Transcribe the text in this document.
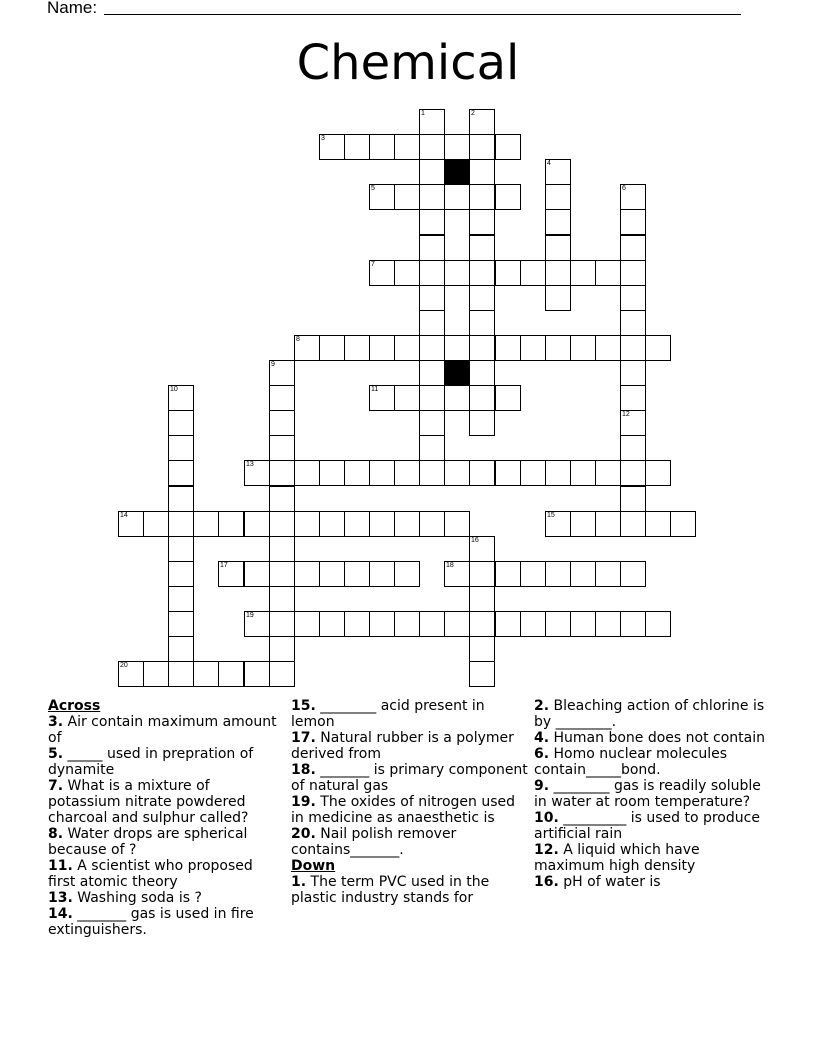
Name:
Chemical
1	2
3
4
5	6
7
8
9
10	11
12
13
14	15
16
17	18
19
20
Across
3. Air contain maximum amount of
5. _____ used in prepration of dynamite
7. What is a mixture of potassium nitrate powdered charcoal and sulphur called?
8. Water drops are spherical because of ?
11. A scientist who proposed first atomic theory
13. Washing soda is ?
14. _______ gas is used in fire extinguishers.
15. ________ acid present in lemon
17. Natural rubber is a polymer derived from
18. _______ is primary component of natural gas
19. The oxides of nitrogen used in medicine as anaesthetic is
20. Nail polish remover contains_______.
Down
1. The term PVC used in the plastic industry stands for
2. Bleaching action of chlorine is by ________.
4. Human bone does not contain
6. Homo nuclear molecules contain_____bond.
9. ________ gas is readily soluble in water at room temperature?
10. _________ is used to produce artificial rain
12. A liquid which have maximum high density
16. pH of water is
